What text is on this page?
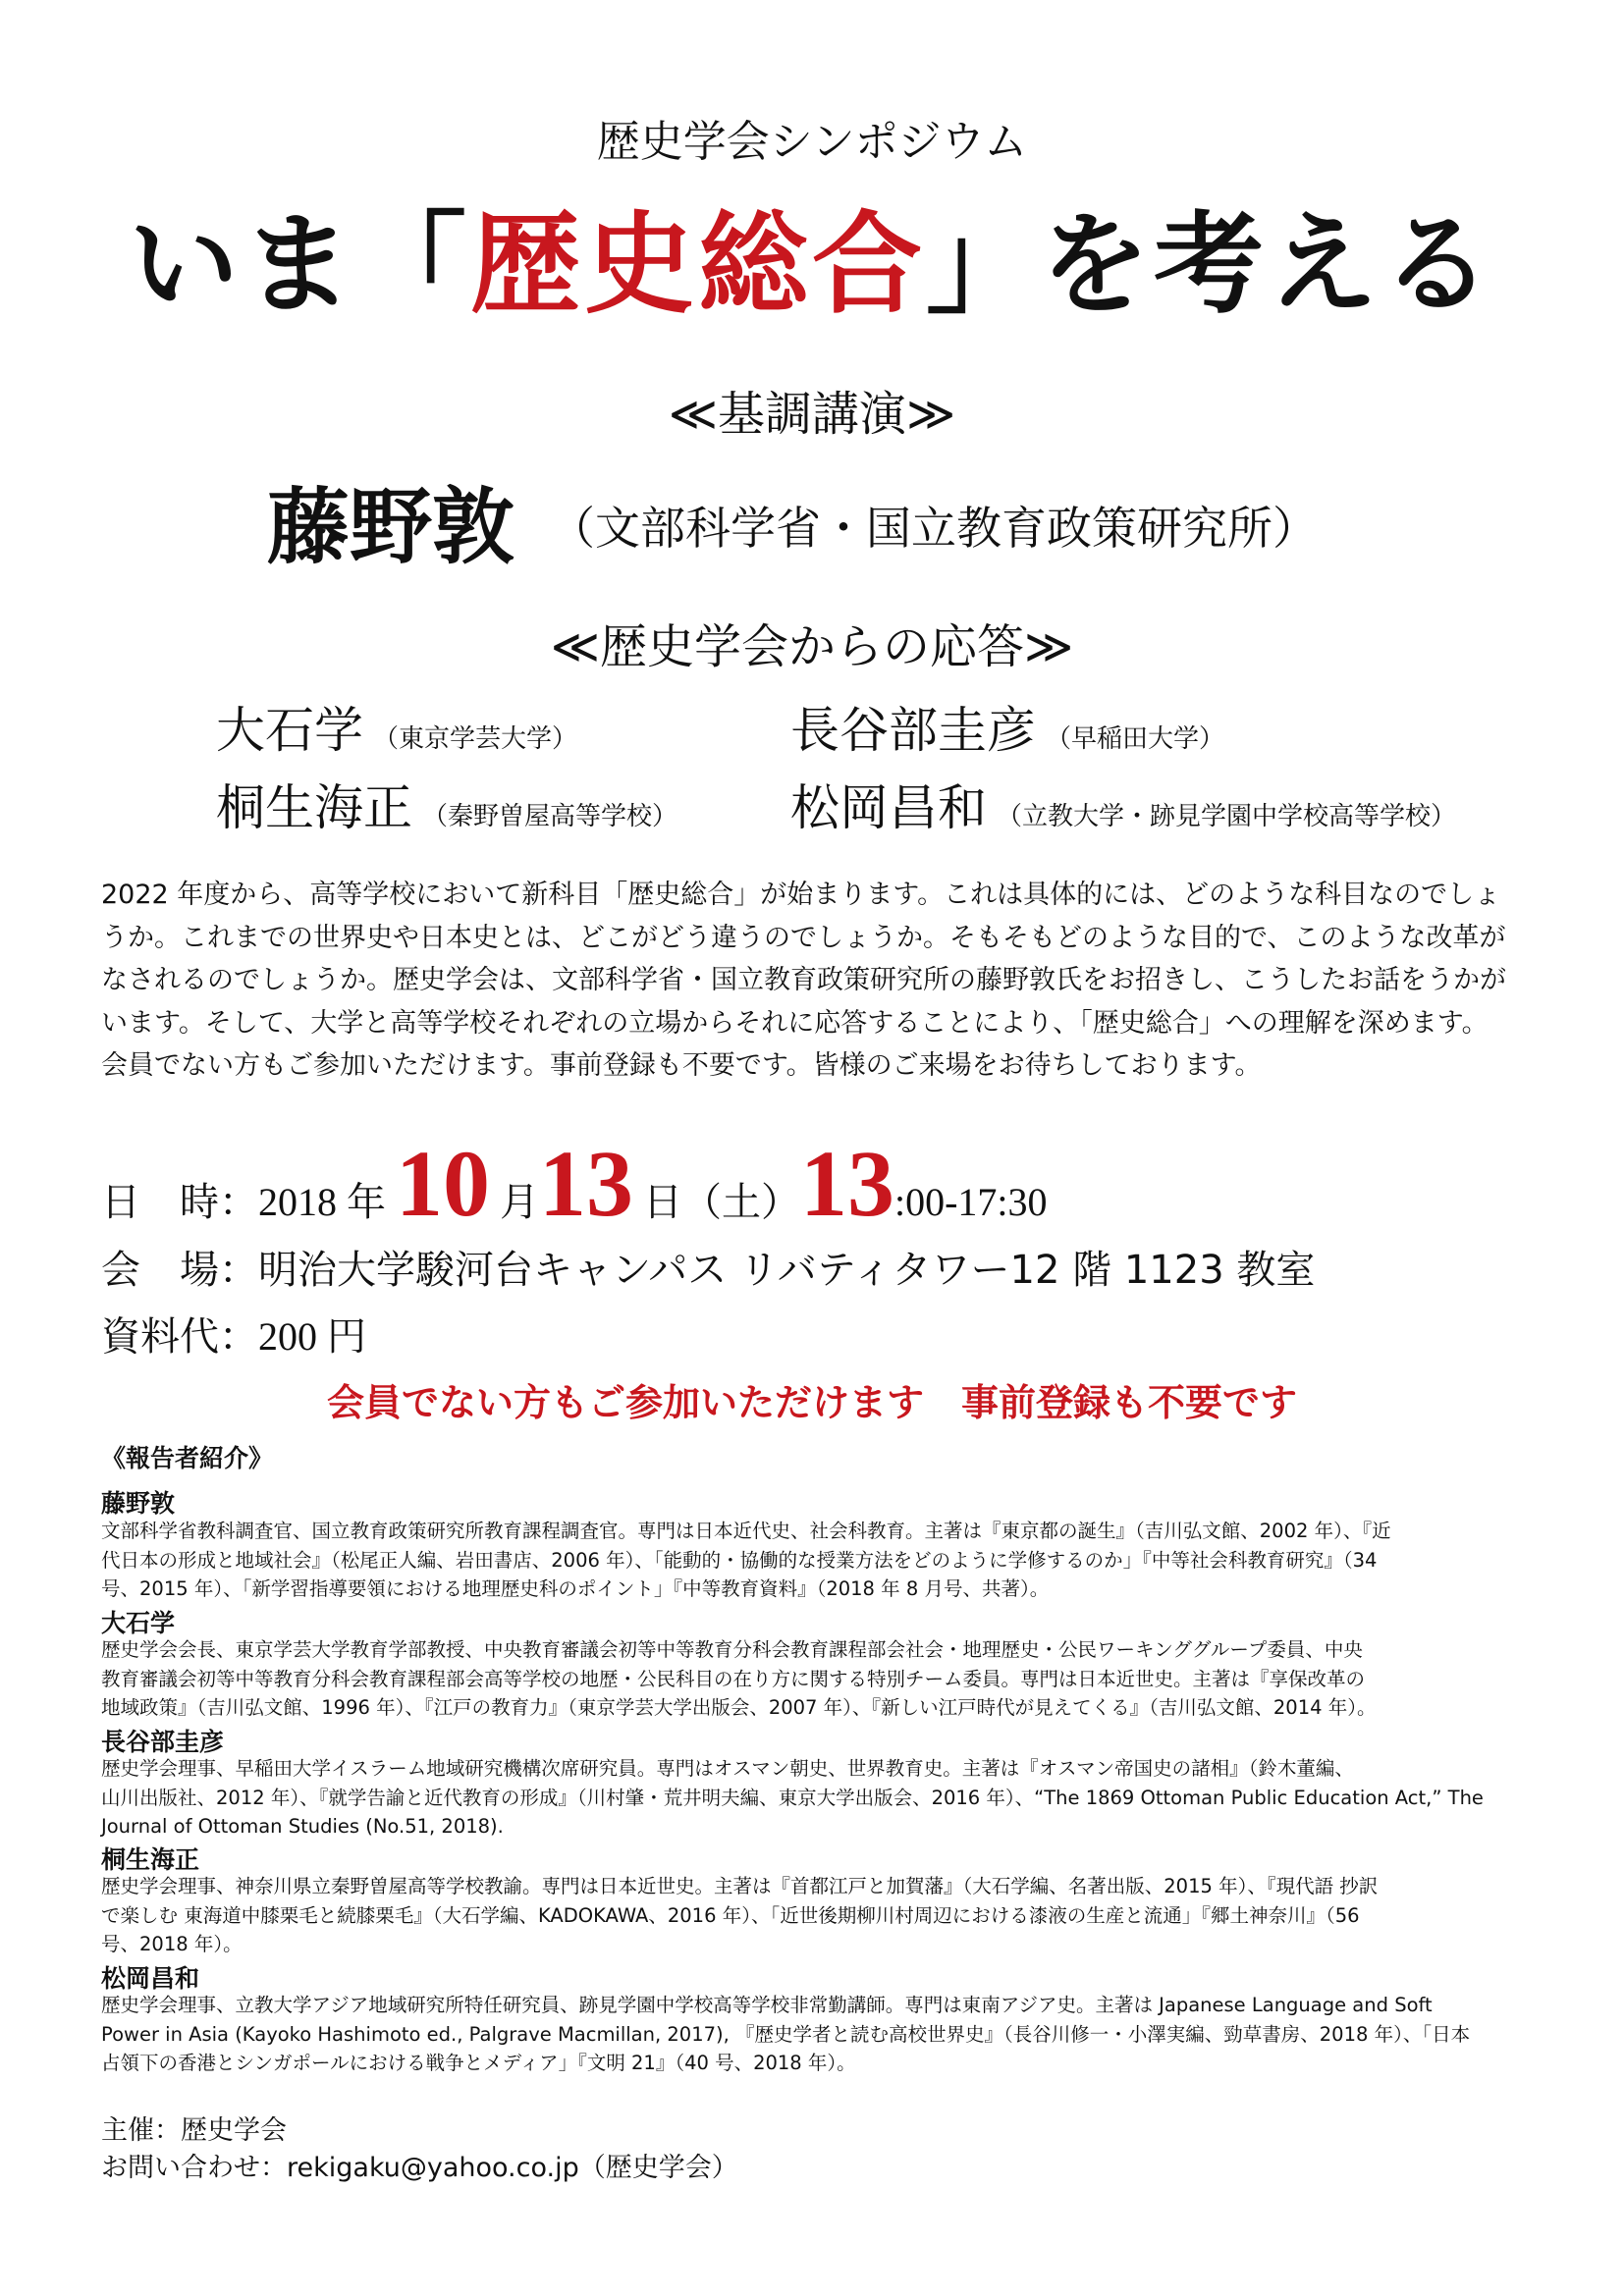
歴史学会シンポジウム
いま「歴史総合」を考える
≪基調講演≫
藤野敦 （文部科学省・国立教育政策研究所）
≪歴史学会からの応答≫
大石学 （東京学芸大学）	長谷部圭彦 （早稲田大学）
桐生海正 （秦野曽屋高等学校） 松岡昌和 （立教大学・跡見学園中学校高等学校）
2022 年度から、高等学校において新科目「歴史総合」が始まります。これは具体的には、どのような科目なのでしょ
うか。これまでの世界史や日本史とは、どこがどう違うのでしょうか。そもそもどのような目的で、このような改革が
なされるのでしょうか。歴史学会は、文部科学省・国立教育政策研究所の藤野敦氏をお招きし、こうしたお話をうかが
います。そして、大学と高等学校それぞれの立場からそれに応答することにより、「歴史総合」への理解を深めます。
会員でない方もご参加いただけます。事前登録も不要です。皆様のご来場をお待ちしております。
日　時：2018 年 10 月13 日（土）13:00-17:30
会　場：明治大学駿河台キャンパス リバティタワー12 階 1123 教室
資料代：200 円
会員でない方もご参加いただけます　事前登録も不要です
《報告者紹介》
藤野敦
文部科学省教科調査官、国立教育政策研究所教育課程調査官。専門は日本近代史、社会科教育。主著は『東京都の誕生』（吉川弘文館、2002 年）、『近
代日本の形成と地域社会』（松尾正人編、岩田書店、2006 年）、「能動的・協働的な授業方法をどのように学修するのか」『中等社会科教育研究』（34
号、2015 年）、「新学習指導要領における地理歴史科のポイント」『中等教育資料』（2018 年 8 月号、共著）。
大石学
歴史学会会長、東京学芸大学教育学部教授、中央教育審議会初等中等教育分科会教育課程部会社会・地理歴史・公民ワーキンググループ委員、中央
教育審議会初等中等教育分科会教育課程部会高等学校の地歴・公民科目の在り方に関する特別チーム委員。専門は日本近世史。主著は『享保改革の
地域政策』（吉川弘文館、1996 年）、『江戸の教育力』（東京学芸大学出版会、2007 年）、『新しい江戸時代が見えてくる』（吉川弘文館、2014 年）。
長谷部圭彦
歴史学会理事、早稲田大学イスラーム地域研究機構次席研究員。専門はオスマン朝史、世界教育史。主著は『オスマン帝国史の諸相』（鈴木董編、
山川出版社、2012 年）、『就学告諭と近代教育の形成』（川村肇・荒井明夫編、東京大学出版会、2016 年）、“The 1869 Ottoman Public Education Act,” The
Journal of Ottoman Studies (No.51, 2018).
桐生海正
歴史学会理事、神奈川県立秦野曽屋高等学校教諭。専門は日本近世史。主著は『首都江戸と加賀藩』（大石学編、名著出版、2015 年）、『現代語 抄訳
で楽しむ 東海道中膝栗毛と続膝栗毛』（大石学編、KADOKAWA、2016 年）、「近世後期柳川村周辺における漆液の生産と流通」『郷土神奈川』（56
号、2018 年）。
松岡昌和
歴史学会理事、立教大学アジア地域研究所特任研究員、跡見学園中学校高等学校非常勤講師。専門は東南アジア史。主著は Japanese Language and Soft
Power in Asia (Kayoko Hashimoto ed., Palgrave Macmillan, 2017), 『歴史学者と読む高校世界史』（長谷川修一・小澤実編、勁草書房、2018 年）、「日本
占領下の香港とシンガポールにおける戦争とメディア」『文明 21』（40 号、2018 年）。
主催：歴史学会
お問い合わせ：rekigaku@yahoo.co.jp（歴史学会）
